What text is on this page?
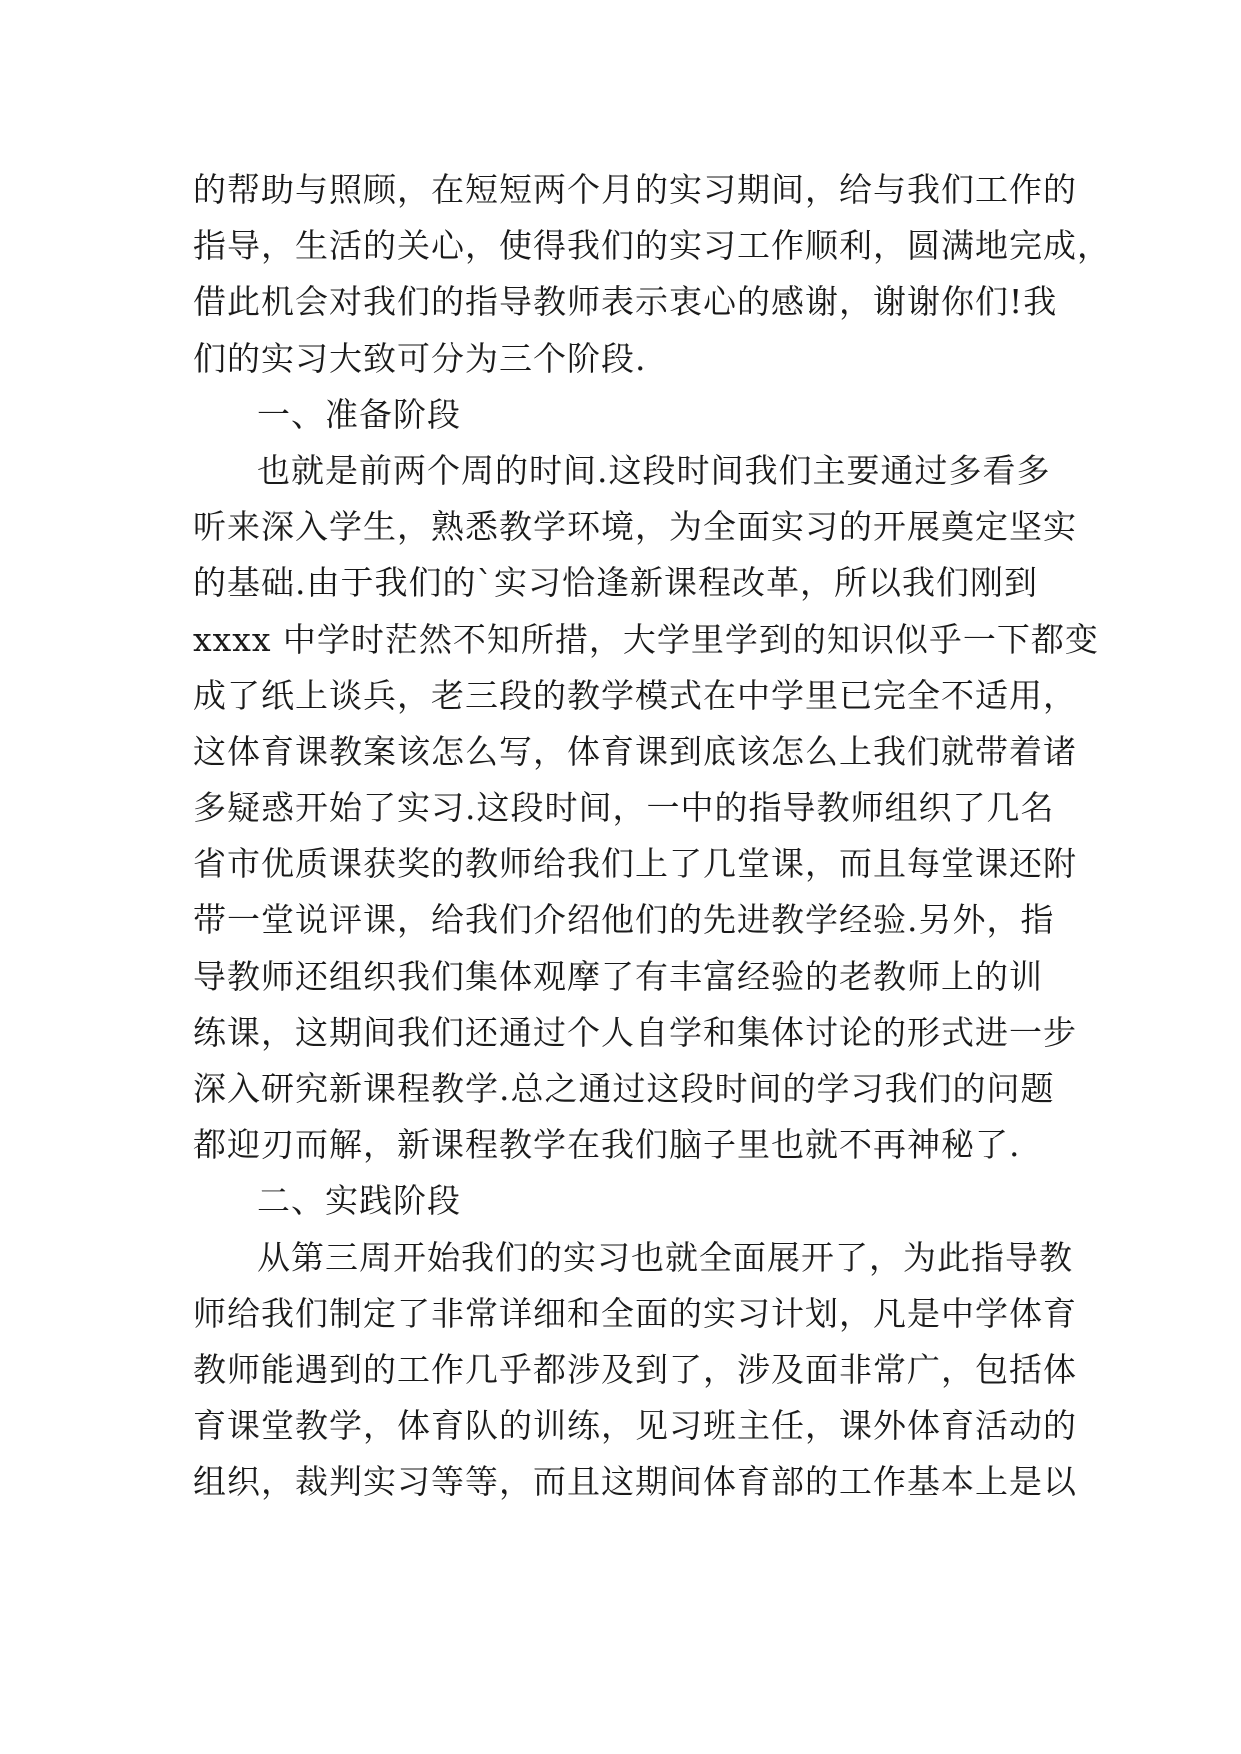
的帮助与照顾，在短短两个月的实习期间，给与我们工作的
指导，生活的关心，使得我们的实习工作顺利，圆满地完成，
借此机会对我们的指导教师表示衷心的感谢，谢谢你们!我
们的实习大致可分为三个阶段.
一、准备阶段
也就是前两个周的时间.这段时间我们主要通过多看多
听来深入学生，熟悉教学环境，为全面实习的开展奠定坚实
的基础.由于我们的`实习恰逢新课程改革，所以我们刚到
xxxx 中学时茫然不知所措，大学里学到的知识似乎一下都变
成了纸上谈兵，老三段的教学模式在中学里已完全不适用，
这体育课教案该怎么写，体育课到底该怎么上我们就带着诸
多疑惑开始了实习.这段时间，一中的指导教师组织了几名
省市优质课获奖的教师给我们上了几堂课，而且每堂课还附
带一堂说评课，给我们介绍他们的先进教学经验.另外，指
导教师还组织我们集体观摩了有丰富经验的老教师上的训
练课，这期间我们还通过个人自学和集体讨论的形式进一步
深入研究新课程教学.总之通过这段时间的学习我们的问题
都迎刃而解，新课程教学在我们脑子里也就不再神秘了.
二、实践阶段
从第三周开始我们的实习也就全面展开了，为此指导教
师给我们制定了非常详细和全面的实习计划，凡是中学体育
教师能遇到的工作几乎都涉及到了，涉及面非常广，包括体
育课堂教学，体育队的训练，见习班主任，课外体育活动的
组织，裁判实习等等，而且这期间体育部的工作基本上是以
